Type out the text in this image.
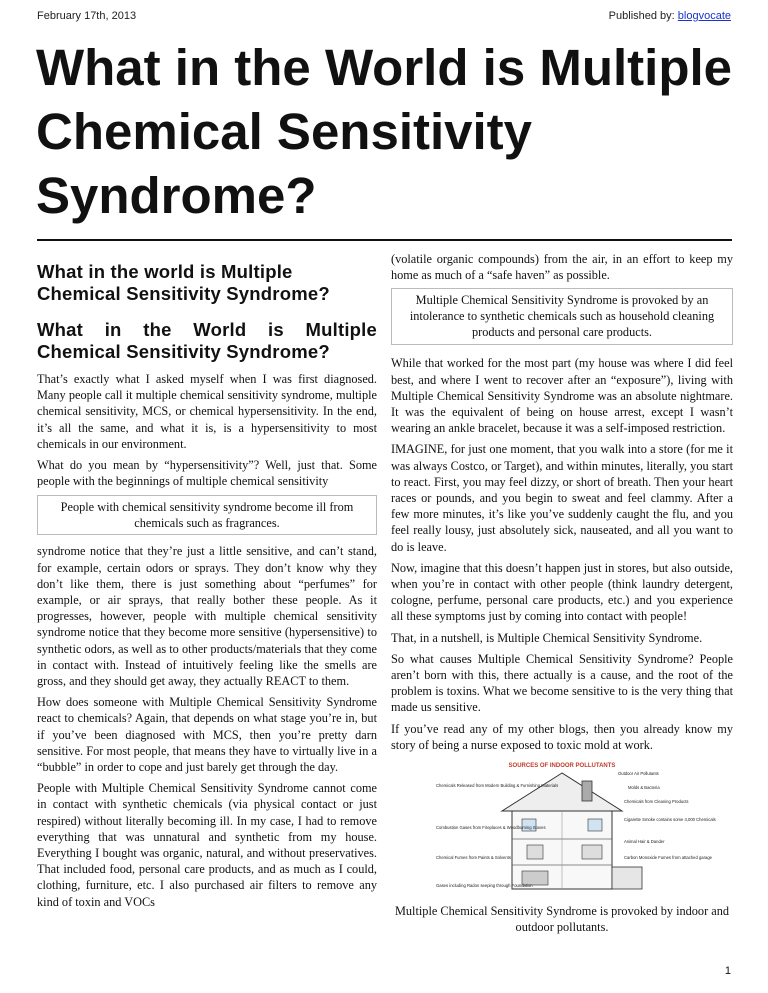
February 17th, 2013	Published by: blogvocate
What in the World is Multiple Chemical Sensitivity Syndrome?
What in the world is Multiple Chemical Sensitivity Syndrome?
What in the World is Multiple Chemical Sensitivity Syndrome?

That’s exactly what I asked myself when I was first diagnosed. Many people call it multiple chemical sensitivity syndrome, multiple chemical sensitivity, MCS, or chemical hypersensitivity. In the end, it’s all the same, and what it is, is a hypersensitivity to most chemicals in our environment.

What do you mean by “hypersensitivity”? Well, just that. Some people with the beginnings of multiple chemical sensitivity

People with chemical sensitivity syndrome become ill from chemicals such as fragrances.

syndrome notice that they’re just a little sensitive, and can’t stand, for example, certain odors or sprays. They don’t know why they don’t like them, there is just something about “perfumes” for example, or air sprays, that really bother these people. As it progresses, however, people with multiple chemical sensitivity syndrome notice that they become more sensitive (hypersensitive) to synthetic odors, as well as to other products/materials that they come in contact with. Instead of intuitively feeling like the smells are gross, and they should get away, they actually REACT to them.

How does someone with Multiple Chemical Sensitivity Syndrome react to chemicals? Again, that depends on what stage you’re in, but if you’ve been diagnosed with MCS, then you’re pretty darn sensitive. For most people, that means they have to virtually live in a “bubble” in order to cope and just barely get through the day.

People with Multiple Chemical Sensitivity Syndrome cannot come in contact with synthetic chemicals (via physical contact or just respired) without literally becoming ill. In my case, I had to remove everything that was unnatural and synthetic from my house. Everything I bought was organic, natural, and without preservatives. That included food, personal care products, and as much as I could, clothing, furniture, etc. I also purchased air filters to remove any kind of toxin and VOCs

(volatile organic compounds) from the air, in an effort to keep my home as much of a “safe haven” as possible.

Multiple Chemical Sensitivity Syndrome is provoked by an intolerance to synthetic chemicals such as household cleaning products and personal care products.

While that worked for the most part (my house was where I did feel best, and where I went to recover after an “exposure”), living with Multiple Chemical Sensitivity Syndrome was an absolute nightmare. It was the equivalent of being on house arrest, except I wasn’t wearing an ankle bracelet, because it was a self-imposed restriction.

IMAGINE, for just one moment, that you walk into a store (for me it was always Costco, or Target), and within minutes, literally, you start to react. First, you may feel dizzy, or short of breath. Then your heart races or pounds, and you begin to sweat and feel clammy. After a few more minutes, it’s like you’ve suddenly caught the flu, and you feel really lousy, just absolutely sick, nauseated, and all you want to do is leave.

Now, imagine that this doesn’t happen just in stores, but also outside, when you’re in contact with other people (think laundry detergent, cologne, perfume, personal care products, etc.) and you experience all these symptoms just by coming into contact with people!

That, in a nutshell, is Multiple Chemical Sensitivity Syndrome.

So what causes Multiple Chemical Sensitivity Syndrome? People aren’t born with this, there actually is a cause, and the root of the problem is toxins. What we become sensitive to is the very thing that made us sensitive.

If you’ve read any of my other blogs, then you already know my story of being a nurse exposed to toxic mold at work.

SOURCES OF INDOOR POLLUTANTS
Chemicals Released from Modern Building & Furnishing Materials
Combustion Gases from Fireplaces & Woodburning Stoves
Chemical Fumes from Paints & Solvents
Gases including Radon seeping through Foundation
Outdoor Air Pollutants
Molds & Bacteria
Chemicals from Cleaning Products
Cigarette Smoke contains some 4,000 Chemicals
Animal Hair & Dander
Carbon Monoxide Fumes from attached garage
Multiple Chemical Sensitivity Syndrome is provoked by indoor and outdoor pollutants.
1
